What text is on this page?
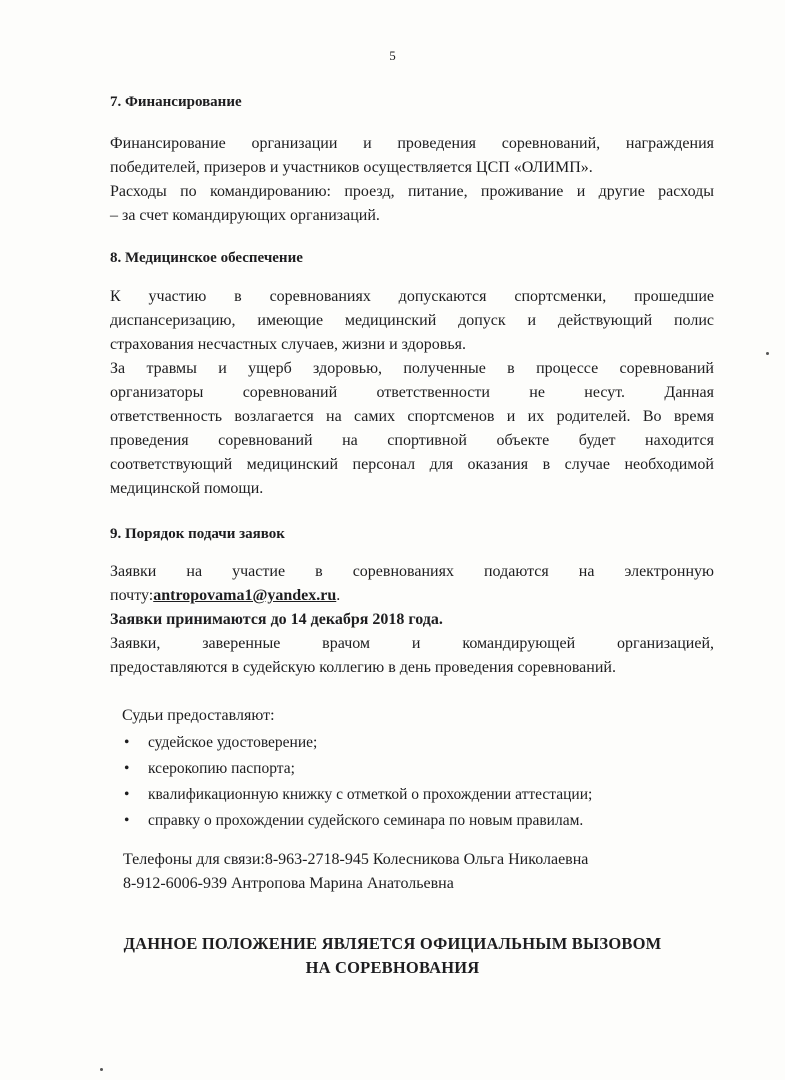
5
7. Финансирование
Финансирование организации и проведения соревнований, награждения
победителей, призеров и участников осуществляется ЦСП «ОЛИМП».
Расходы по командированию: проезд, питание, проживание и другие расходы
– за счет командирующих организаций.
8. Медицинское обеспечение
К участию в соревнованиях допускаются спортсменки, прошедшие
диспансеризацию, имеющие медицинский допуск и действующий полис
страхования несчастных случаев, жизни и здоровья.
За травмы и ущерб здоровью, полученные в процессе соревнований
организаторы соревнований ответственности не несут. Данная
ответственность возлагается на самих спортсменов и их родителей. Во время
проведения соревнований на спортивной объекте будет находится
соответствующий медицинский персонал для оказания в случае необходимой
медицинской помощи.
9. Порядок подачи заявок
Заявки на участие в соревнованиях подаются на электронную
почту:antropovama1@yandex.ru.
Заявки принимаются до 14 декабря 2018 года.
Заявки, заверенные врачом и командирующей организацией,
предоставляются в судейскую коллегию в день проведения соревнований.
Судьи предоставляют:
• судейское удостоверение;
• ксерокопию паспорта;
• квалификационную книжку с отметкой о прохождении аттестации;
• справку о прохождении судейского семинара по новым правилам.
Телефоны для связи:8-963-2718-945 Колесникова Ольга Николаевна
8-912-6006-939 Антропова Марина Анатольевна
ДАННОЕ ПОЛОЖЕНИЕ ЯВЛЯЕТСЯ ОФИЦИАЛЬНЫМ ВЫЗОВОМ
НА СОРЕВНОВАНИЯ
